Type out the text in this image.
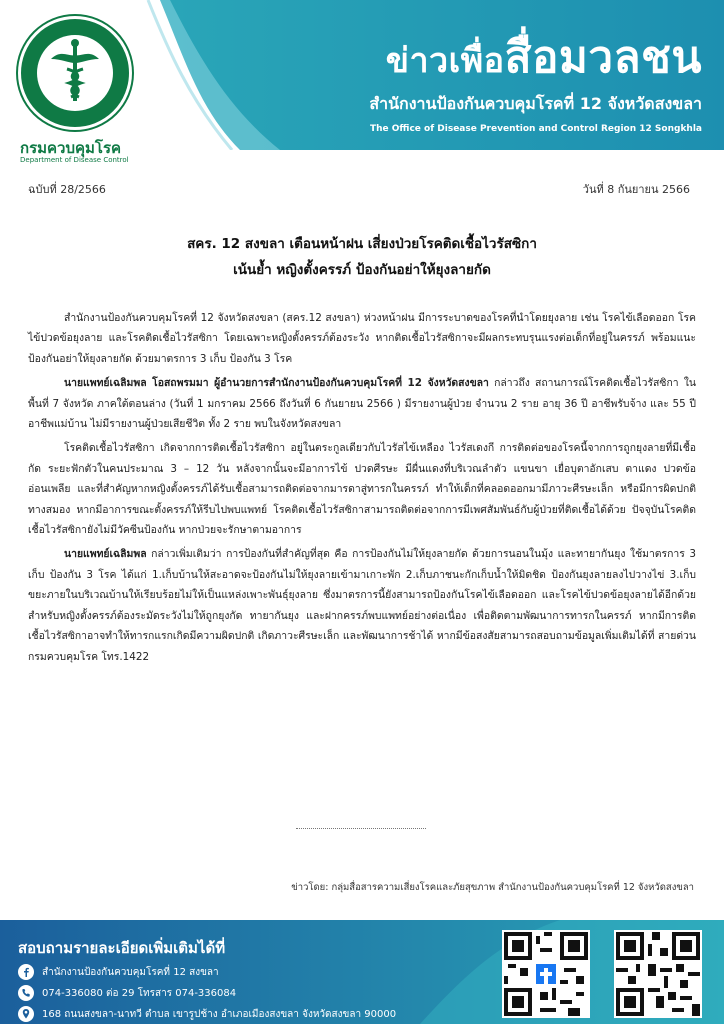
กรมควบคุมโรค
Department of Disease Control
ข่าวเพื่อสื่อมวลชน
สำนักงานป้องกันควบคุมโรคที่ 12 จังหวัดสงขลา
The Office of Disease Prevention and Control Region 12 Songkhla
ฉบับที่ 28/2566	วันที่ 8 กันยายน 2566
สคร. 12 สงขลา เตือนหน้าฝน เสี่ยงป่วยโรคติดเชื้อไวรัสซิกา
เน้นย้ำ หญิงตั้งครรภ์ ป้องกันอย่าให้ยุงลายกัด

สำนักงานป้องกันควบคุมโรคที่ 12 จังหวัดสงขลา (สคร.12 สงขลา) ห่วงหน้าฝน มีการระบาดของโรคที่นำโดยยุงลาย เช่น โรคไข้เลือดออก โรคไข้ปวดข้อยุงลาย และโรคติดเชื้อไวรัสซิกา โดยเฉพาะหญิงตั้งครรภ์ต้องระวัง หากติดเชื้อไวรัสซิกาจะมีผลกระทบรุนแรงต่อเด็กที่อยู่ในครรภ์ พร้อมแนะป้องกันอย่าให้ยุงลายกัด ด้วยมาตรการ 3 เก็บ ป้องกัน 3 โรค

นายแพทย์เฉลิมพล โอสถพรมมา ผู้อำนวยการสำนักงานป้องกันควบคุมโรคที่ 12 จังหวัดสงขลา กล่าวถึง สถานการณ์โรคติดเชื้อไวรัสซิกา ในพื้นที่ 7 จังหวัด ภาคใต้ตอนล่าง (วันที่ 1 มกราคม 2566 ถึงวันที่ 6 กันยายน 2566 ) มีรายงานผู้ป่วย จำนวน 2 ราย อายุ 36 ปี อาชีพรับจ้าง และ 55 ปี อาชีพแม่บ้าน ไม่มีรายงานผู้ป่วยเสียชีวิต ทั้ง 2 ราย พบในจังหวัดสงขลา

โรคติดเชื้อไวรัสซิกา เกิดจากการติดเชื้อไวรัสซิกา อยู่ในตระกูลเดียวกับไวรัสไข้เหลือง ไวรัสเดงกี การติดต่อของโรคนี้จากการถูกยุงลายที่มีเชื้อกัด ระยะฟักตัวในคนประมาณ 3 – 12 วัน หลังจากนั้นจะมีอาการไข้ ปวดศีรษะ มีผื่นแดงที่บริเวณลำตัว แขนขา เยื่อบุตาอักเสบ ตาแดง ปวดข้อ อ่อนเพลีย และที่สำคัญหากหญิงตั้งครรภ์ได้รับเชื้อสามารถติดต่อจากมารดาสู่ทารกในครรภ์ ทำให้เด็กที่คลอดออกมามีภาวะศีรษะเล็ก หรือมีการผิดปกติทางสมอง หากมีอาการขณะตั้งครรภ์ให้รีบไปพบแพทย์ โรคติดเชื้อไวรัสซิกาสามารถติดต่อจากการมีเพศสัมพันธ์กับผู้ป่วยที่ติดเชื้อได้ด้วย ปัจจุบันโรคติดเชื้อไวรัสซิกายังไม่มีวัคซีนป้องกัน หากป่วยจะรักษาตามอาการ

นายแพทย์เฉลิมพล กล่าวเพิ่มเติมว่า การป้องกันที่สำคัญที่สุด คือ การป้องกันไม่ให้ยุงลายกัด ด้วยการนอนในมุ้ง และทายากันยุง ใช้มาตรการ 3 เก็บ ป้องกัน 3 โรค ได้แก่ 1.เก็บบ้านให้สะอาดจะป้องกันไม่ให้ยุงลายเข้ามาเกาะพัก 2.เก็บภาชนะกักเก็บน้ำให้มิดชิด ป้องกันยุงลายลงไปวางไข่ 3.เก็บขยะภายในบริเวณบ้านให้เรียบร้อยไม่ให้เป็นแหล่งเพาะพันธุ์ยุงลาย ซึ่งมาตรการนี้ยังสามารถป้องกันโรคไข้เลือดออก และโรคไข้ปวดข้อยุงลายได้อีกด้วย สำหรับหญิงตั้งครรภ์ต้องระมัดระวังไม่ให้ถูกยุงกัด ทายากันยุง และฝากครรภ์พบแพทย์อย่างต่อเนื่อง เพื่อติดตามพัฒนาการทารกในครรภ์ หากมีการติดเชื้อไวรัสซิกาอาจทำให้ทารกแรกเกิดมีความผิดปกติ เกิดภาวะศีรษะเล็ก และพัฒนาการช้าได้ หากมีข้อสงสัยสามารถสอบถามข้อมูลเพิ่มเติมได้ที่ สายด่วนกรมควบคุมโรค โทร.1422

ข่าวโดย: กลุ่มสื่อสารความเสี่ยงโรคและภัยสุขภาพ สำนักงานป้องกันควบคุมโรคที่ 12 จังหวัดสงขลา
สอบถามรายละเอียดเพิ่มเติมได้ที่
สำนักงานป้องกันควบคุมโรคที่ 12 สงขลา
074-336080 ต่อ 29 โทรสาร 074-336084
168 ถนนสงขลา-นาทวี ตำบล เขารูปช้าง อำเภอเมืองสงขลา จังหวัดสงขลา 90000
